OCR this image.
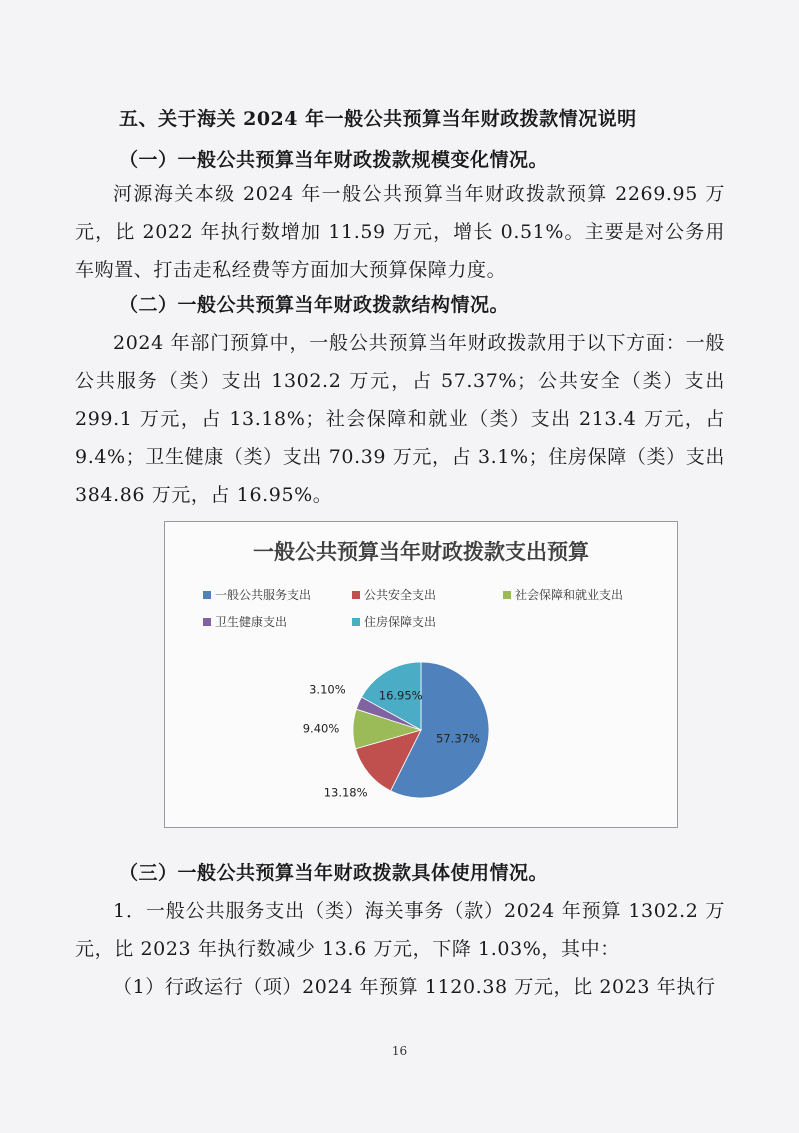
五、关于海关 2024 年一般公共预算当年财政拨款情况说明
（一）一般公共预算当年财政拨款规模变化情况。
河源海关本级 2024 年一般公共预算当年财政拨款预算 2269.95 万元，比 2022 年执行数增加 11.59 万元，增长 0.51%。主要是对公务用车购置、打击走私经费等方面加大预算保障力度。
（二）一般公共预算当年财政拨款结构情况。
2024 年部门预算中，一般公共预算当年财政拨款用于以下方面：一般公共服务（类）支出 1302.2 万元，占 57.37%；公共安全（类）支出 299.1 万元，占 13.18%；社会保障和就业（类）支出 213.4 万元，占 9.4%；卫生健康（类）支出 70.39 万元，占 3.1%；住房保障（类）支出 384.86 万元，占 16.95%。
一般公共预算当年财政拨款支出预算
一般公共服务支出	公共安全支出	社会保障和就业支出
卫生健康支出	住房保障支出
57.37%
13.18%
9.40%
3.10%	16.95%
（三）一般公共预算当年财政拨款具体使用情况。
1．一般公共服务支出（类）海关事务（款）2024 年预算 1302.2 万元，比 2023 年执行数减少 13.6 万元，下降 1.03%，其中：
（1）行政运行（项）2024 年预算 1120.38 万元，比 2023 年执行
16
